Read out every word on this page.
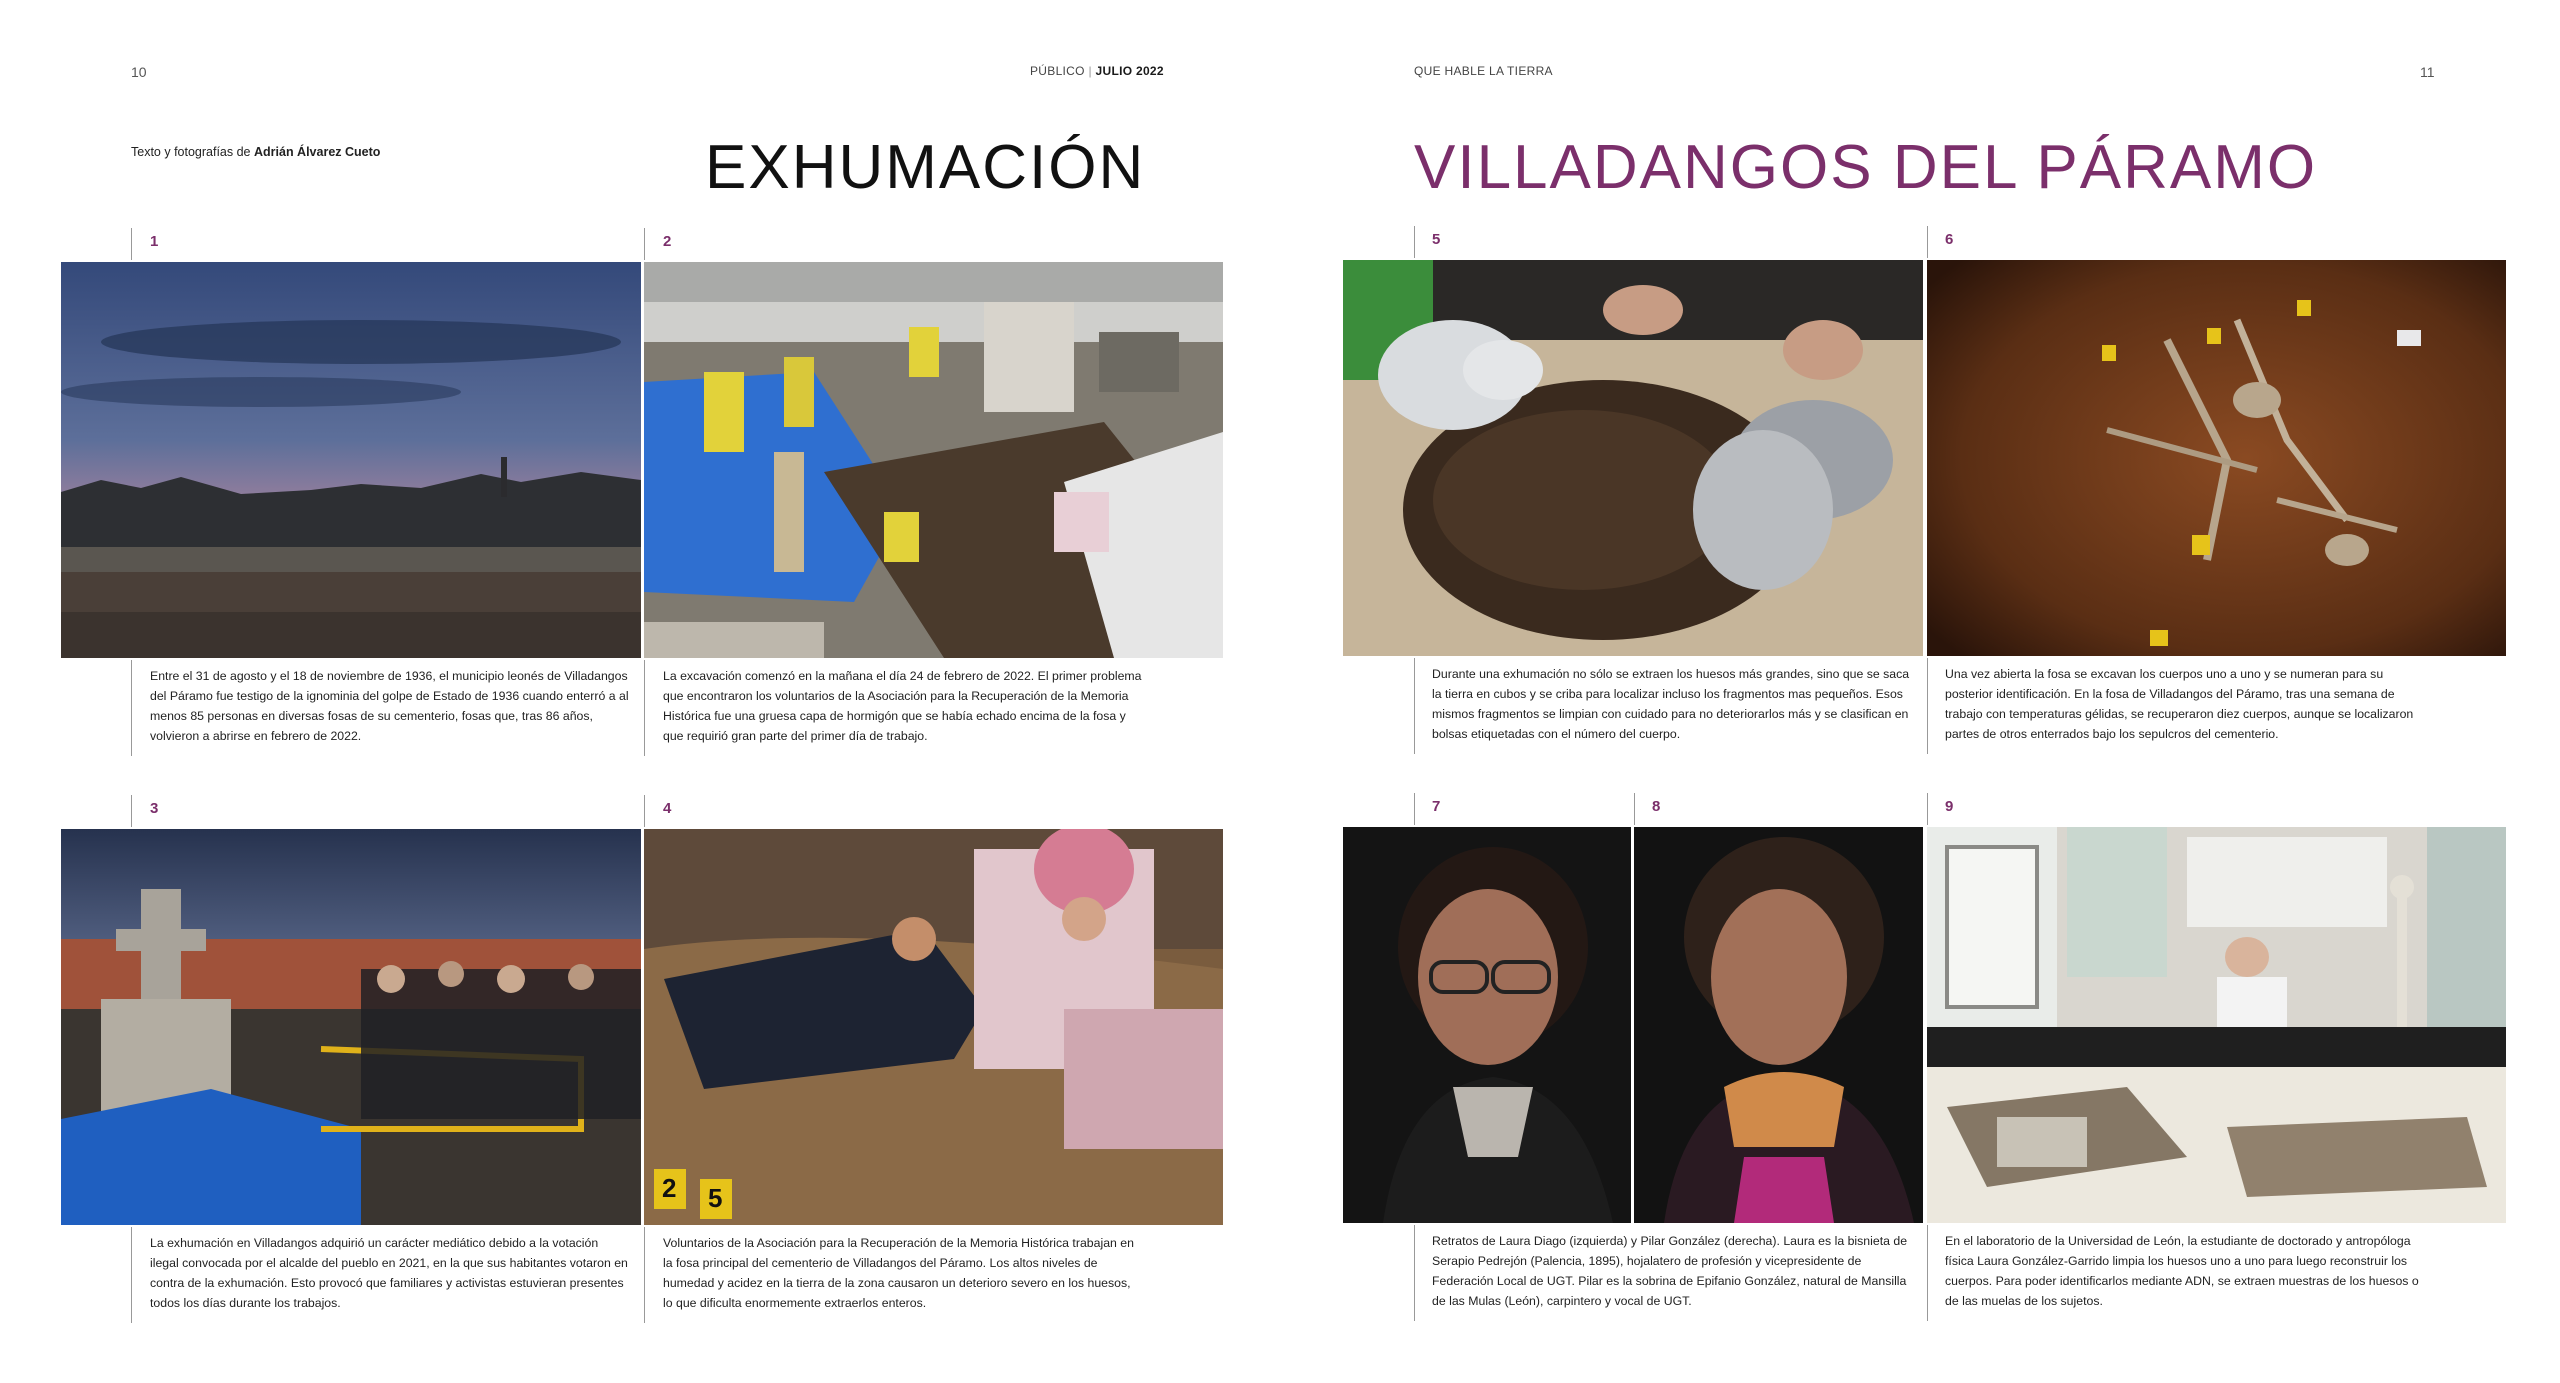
10	PÚBLICO | JULIO 2022
Texto y fotografías de Adrián Álvarez Cueto	EXHUMACIÓN
QUE HABLE LA TIERRA	11
VILLADANGOS DEL PÁRAMO
1	2
Entre el 31 de agosto y el 18 de noviembre de 1936, el municipio leonés de Villadangos del Páramo fue testigo de la ignominia del golpe de Estado de 1936 cuando enterró a al menos 85 personas en diversas fosas de su cementerio, fosas que, tras 86 años, volvieron a abrirse en febrero de 2022.
La excavación comenzó en la mañana el día 24 de febrero de 2022. El primer problema que encontraron los voluntarios de la Asociación para la Recuperación de la Memoria Histórica fue una gruesa capa de hormigón que se había echado encima de la fosa y que requirió gran parte del primer día de trabajo.
3	4
2 5
La exhumación en Villadangos adquirió un carácter mediático debido a la votación ilegal convocada por el alcalde del pueblo en 2021, en la que sus habitantes votaron en contra de la exhumación. Esto provocó que familiares y activistas estuvieran presentes todos los días durante los trabajos.
Voluntarios de la Asociación para la Recuperación de la Memoria Histórica trabajan en la fosa principal del cementerio de Villadangos del Páramo. Los altos niveles de humedad y acidez en la tierra de la zona causaron un deterioro severo en los huesos, lo que dificulta enormemente extraerlos enteros.
5	6
Durante una exhumación no sólo se extraen los huesos más grandes, sino que se saca la tierra en cubos y se criba para localizar incluso los fragmentos mas pequeños. Esos mismos fragmentos se limpian con cuidado para no deteriorarlos más y se clasifican en bolsas etiquetadas con el número del cuerpo.
Una vez abierta la fosa se excavan los cuerpos uno a uno y se numeran para su posterior identificación. En la fosa de Villadangos del Páramo, tras una semana de trabajo con temperaturas gélidas, se recuperaron diez cuerpos, aunque se localizaron partes de otros enterrados bajo los sepulcros del cementerio.
7	8	9
Retratos de Laura Diago (izquierda) y Pilar González (derecha). Laura es la bisnieta de Serapio Pedrejón (Palencia, 1895), hojalatero de profesión y vicepresidente de Federación Local de UGT. Pilar es la sobrina de Epifanio González, natural de Mansilla de las Mulas (León), carpintero y vocal de UGT.
En el laboratorio de la Universidad de León, la estudiante de doctorado y antropóloga física Laura González-Garrido limpia los huesos uno a uno para luego reconstruir los cuerpos. Para poder identificarlos mediante ADN, se extraen muestras de los huesos o de las muelas de los sujetos.
